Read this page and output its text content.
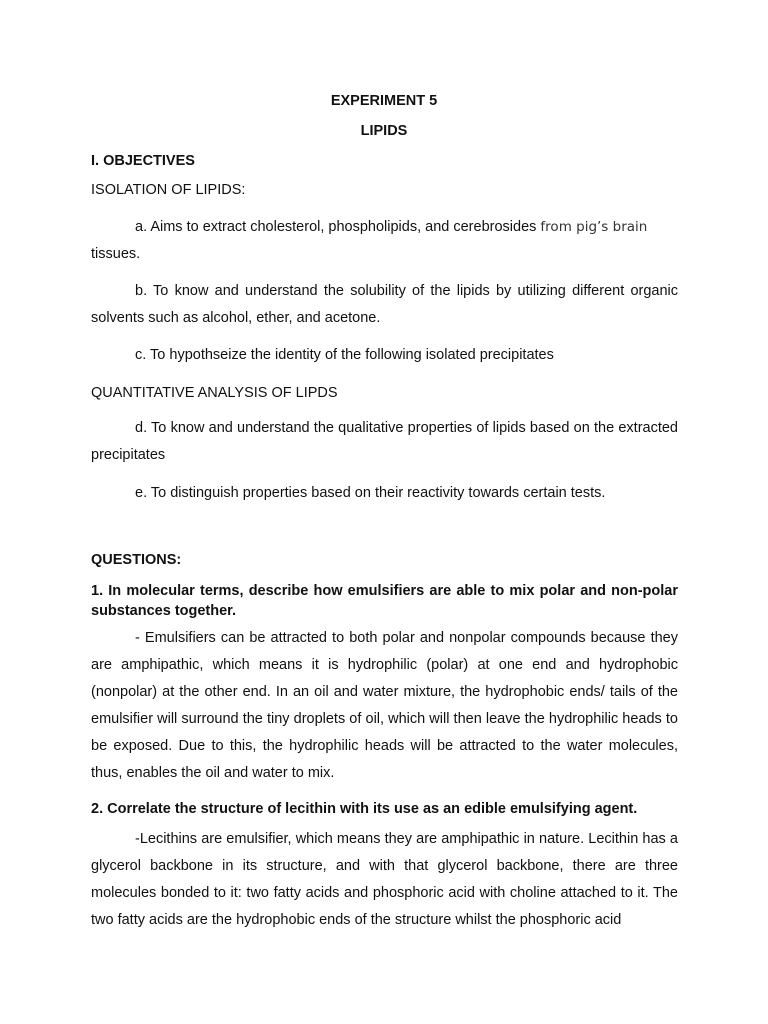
EXPERIMENT 5
LIPIDS
I. OBJECTIVES
ISOLATION OF LIPIDS:
a. Aims to extract cholesterol, phospholipids, and cerebrosides from pig’s brain
tissues.
b. To know and understand the solubility of the lipids by utilizing different organic solvents such as alcohol, ether, and acetone.
c. To hypothseize the identity of the following isolated precipitates
QUANTITATIVE ANALYSIS OF LIPDS
d. To know and understand the qualitative properties of lipids based on the extracted precipitates
e. To distinguish properties based on their reactivity towards certain tests.
QUESTIONS:
1. In molecular terms, describe how emulsifiers are able to mix polar and non-polar substances together.
- Emulsifiers can be attracted to both polar and nonpolar compounds because they are amphipathic, which means it is hydrophilic (polar) at one end and hydrophobic (nonpolar) at the other end. In an oil and water mixture, the hydrophobic ends/ tails of the emulsifier will surround the tiny droplets of oil, which will then leave the hydrophilic heads to be exposed. Due to this, the hydrophilic heads will be attracted to the water molecules, thus, enables the oil and water to mix.
2. Correlate the structure of lecithin with its use as an edible emulsifying agent.
-Lecithins are emulsifier, which means they are amphipathic in nature. Lecithin has a glycerol backbone in its structure, and with that glycerol backbone, there are three molecules bonded to it: two fatty acids and phosphoric acid with choline attached to it. The two fatty acids are the hydrophobic ends of the structure whilst the phosphoric acid
